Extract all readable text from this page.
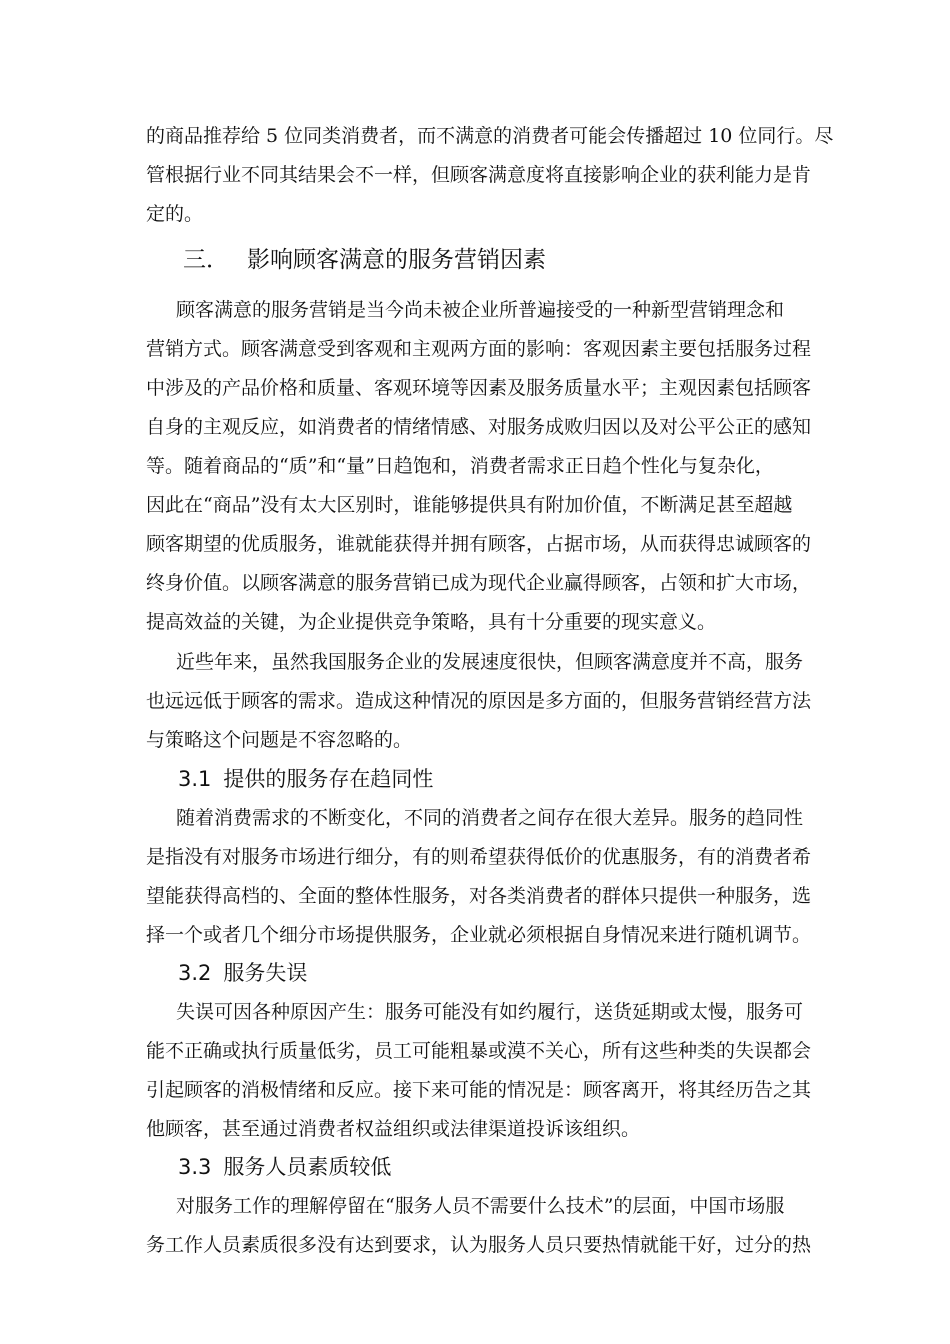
的商品推荐给 5 位同类消费者，而不满意的消费者可能会传播超过 10 位同行。尽
管根据行业不同其结果会不一样，但顾客满意度将直接影响企业的获利能力是肯
定的。
三． 影响顾客满意的服务营销因素
顾客满意的服务营销是当今尚未被企业所普遍接受的一种新型营销理念和
营销方式。顾客满意受到客观和主观两方面的影响：客观因素主要包括服务过程
中涉及的产品价格和质量、客观环境等因素及服务质量水平；主观因素包括顾客
自身的主观反应，如消费者的情绪情感、对服务成败归因以及对公平公正的感知
等。随着商品的“质”和“量”日趋饱和，消费者需求正日趋个性化与复杂化，
因此在“商品”没有太大区别时，谁能够提供具有附加价值，不断满足甚至超越
顾客期望的优质服务，谁就能获得并拥有顾客，占据市场，从而获得忠诚顾客的
终身价值。以顾客满意的服务营销已成为现代企业赢得顾客，占领和扩大市场，
提高效益的关键，为企业提供竞争策略，具有十分重要的现实意义。
近些年来，虽然我国服务企业的发展速度很快，但顾客满意度并不高，服务
也远远低于顾客的需求。造成这种情况的原因是多方面的，但服务营销经营方法
与策略这个问题是不容忽略的。
3.1 提供的服务存在趋同性
随着消费需求的不断变化，不同的消费者之间存在很大差异。服务的趋同性
是指没有对服务市场进行细分，有的则希望获得低价的优惠服务，有的消费者希
望能获得高档的、全面的整体性服务，对各类消费者的群体只提供一种服务，选
择一个或者几个细分市场提供服务，企业就必须根据自身情况来进行随机调节。
3.2 服务失误
失误可因各种原因产生：服务可能没有如约履行，送货延期或太慢，服务可
能不正确或执行质量低劣，员工可能粗暴或漠不关心，所有这些种类的失误都会
引起顾客的消极情绪和反应。接下来可能的情况是：顾客离开，将其经历告之其
他顾客，甚至通过消费者权益组织或法律渠道投诉该组织。
3.3 服务人员素质较低
对服务工作的理解停留在“服务人员不需要什么技术”的层面，中国市场服
务工作人员素质很多没有达到要求，认为服务人员只要热情就能干好，过分的热
